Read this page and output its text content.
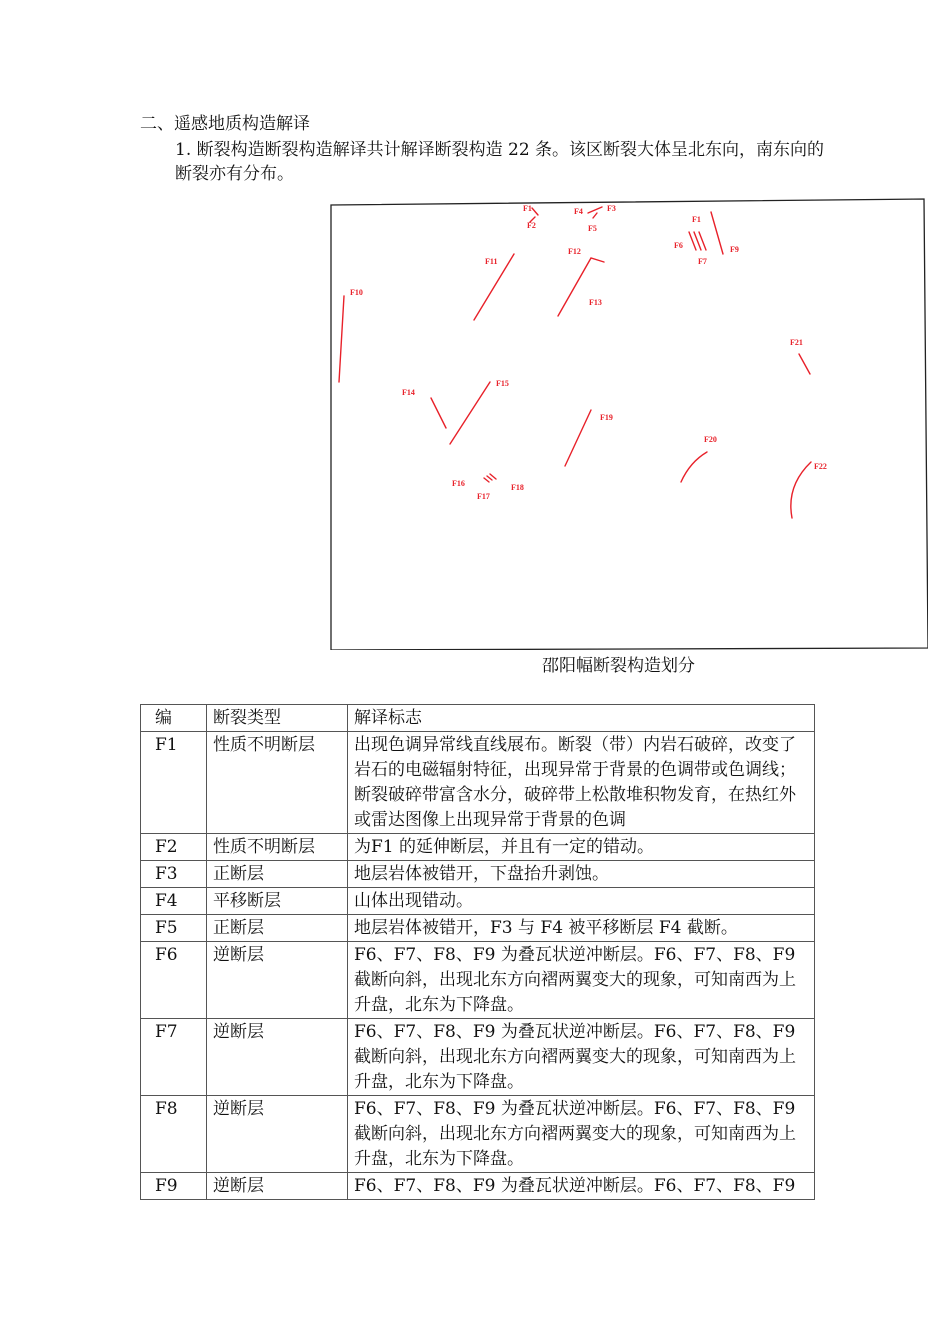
二、遥感地质构造解译
1. 断裂构造断裂构造解译共计解译断裂构造 22 条。该区断裂大体呈北东向，南东向的断裂亦有分布。
F1
F2
F4	F3
F5
F1
F6
F7
F9
F11
F12
F13
F10
F21
F14
F15
F19
F20
F22
F16
F17
F18
邵阳幅断裂构造划分
编	断裂类型	解译标志
F1	性质不明断层	出现色调异常线直线展布。断裂（带）内岩石破碎，改变了岩石的电磁辐射特征，出现异常于背景的色调带或色调线；断裂破碎带富含水分，破碎带上松散堆积物发育，在热红外或雷达图像上出现异常于背景的色调

F2	性质不明断层	为F1 的延伸断层，并且有一定的错动。
F3	正断层	地层岩体被错开，下盘抬升剥蚀。
F4	平移断层	山体出现错动。
F5	正断层	地层岩体被错开，F3 与 F4 被平移断层 F4 截断。
F6	逆断层	F6、F7、F8、F9 为叠瓦状逆冲断层。F6、F7、F8、F9 截断向斜，出现北东方向褶两翼变大的现象，可知南西为上升盘，北东为下降盘。
F7	逆断层	F6、F7、F8、F9 为叠瓦状逆冲断层。F6、F7、F8、F9 截断向斜，出现北东方向褶两翼变大的现象，可知南西为上升盘，北东为下降盘。
F8	逆断层	F6、F7、F8、F9 为叠瓦状逆冲断层。F6、F7、F8、F9 截断向斜，出现北东方向褶两翼变大的现象，可知南西为上升盘，北东为下降盘。
F9	逆断层	F6、F7、F8、F9 为叠瓦状逆冲断层。F6、F7、F8、F9
